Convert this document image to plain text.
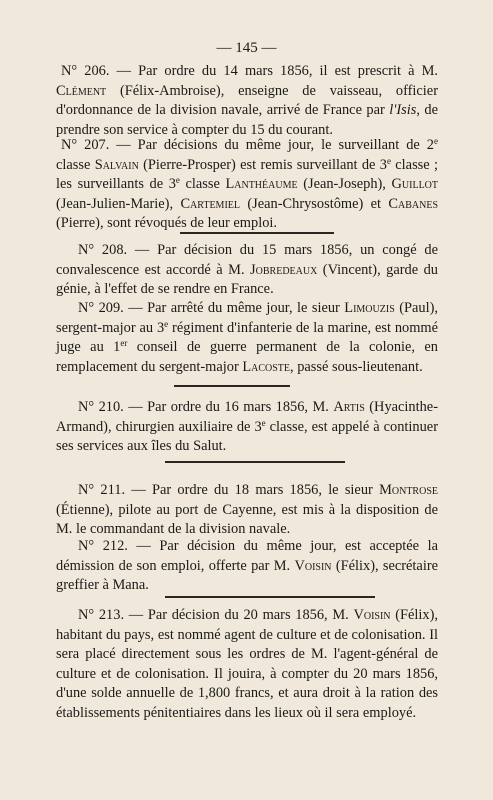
— 145 —
N° 206. — Par ordre du 14 mars 1856, il est prescrit à M. Clément (Félix-Ambroise), enseigne de vaisseau, officier d'ordonnance de la division navale, arrivé de France par l'Isis, de prendre son service à compter du 15 du courant.
N° 207. — Par décisions du même jour, le surveillant de 2e classe Salvain (Pierre-Prosper) est remis surveillant de 3e classe ; les surveillants de 3e classe Lanthéaume (Jean-Joseph), Guillot (Jean-Julien-Marie), Cartemiel (Jean-Chrysostôme) et Cabanes (Pierre), sont révoqués de leur emploi.
N° 208. — Par décision du 15 mars 1856, un congé de convalescence est accordé à M. Jobredeaux (Vincent), garde du génie, à l'effet de se rendre en France.
N° 209. — Par arrêté du même jour, le sieur Limouzis (Paul), sergent-major au 3e régiment d'infanterie de la marine, est nommé juge au 1er conseil de guerre permanent de la colonie, en remplacement du sergent-major Lacoste, passé sous-lieutenant.
N° 210. — Par ordre du 16 mars 1856, M. Artis (Hyacinthe-Armand), chirurgien auxiliaire de 3e classe, est appelé à continuer ses services aux îles du Salut.
N° 211. — Par ordre du 18 mars 1856, le sieur Montrose (Étienne), pilote au port de Cayenne, est mis à la disposition de M. le commandant de la division navale.
N° 212. — Par décision du même jour, est acceptée la démission de son emploi, offerte par M. Voisin (Félix), secrétaire greffier à Mana.
N° 213. — Par décision du 20 mars 1856, M. Voisin (Félix), habitant du pays, est nommé agent de culture et de colonisation. Il sera placé directement sous les ordres de M. l'agent-général de culture et de colonisation. Il jouira, à compter du 20 mars 1856, d'une solde annuelle de 1,800 francs, et aura droit à la ration des établissements pénitentiaires dans les lieux où il sera employé.
